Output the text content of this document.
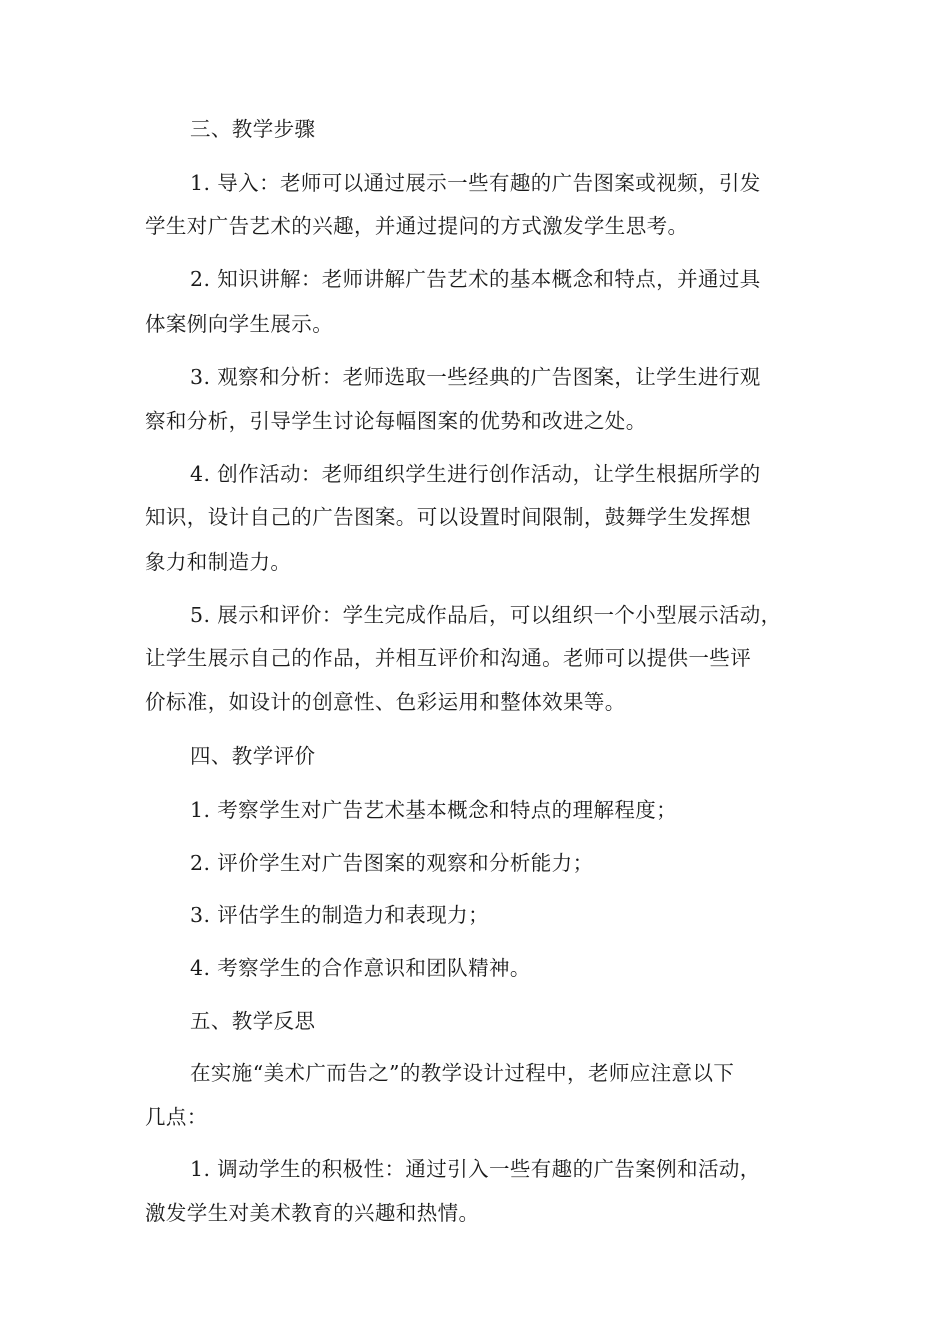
三、教学步骤
1. 导入：老师可以通过展示一些有趣的广告图案或视频，引发
学生对广告艺术的兴趣，并通过提问的方式激发学生思考。
2. 知识讲解：老师讲解广告艺术的基本概念和特点，并通过具
体案例向学生展示。
3. 观察和分析：老师选取一些经典的广告图案，让学生进行观
察和分析，引导学生讨论每幅图案的优势和改进之处。
4. 创作活动：老师组织学生进行创作活动，让学生根据所学的
知识，设计自己的广告图案。可以设置时间限制，鼓舞学生发挥想
象力和制造力。
5. 展示和评价：学生完成作品后，可以组织一个小型展示活动，
让学生展示自己的作品，并相互评价和沟通。老师可以提供一些评
价标准，如设计的创意性、色彩运用和整体效果等。
四、教学评价
1. 考察学生对广告艺术基本概念和特点的理解程度；
2. 评价学生对广告图案的观察和分析能力；
3. 评估学生的制造力和表现力；
4. 考察学生的合作意识和团队精神。
五、教学反思
在实施“美术广而告之”的教学设计过程中，老师应注意以下
几点：
1. 调动学生的积极性：通过引入一些有趣的广告案例和活动，
激发学生对美术教育的兴趣和热情。
